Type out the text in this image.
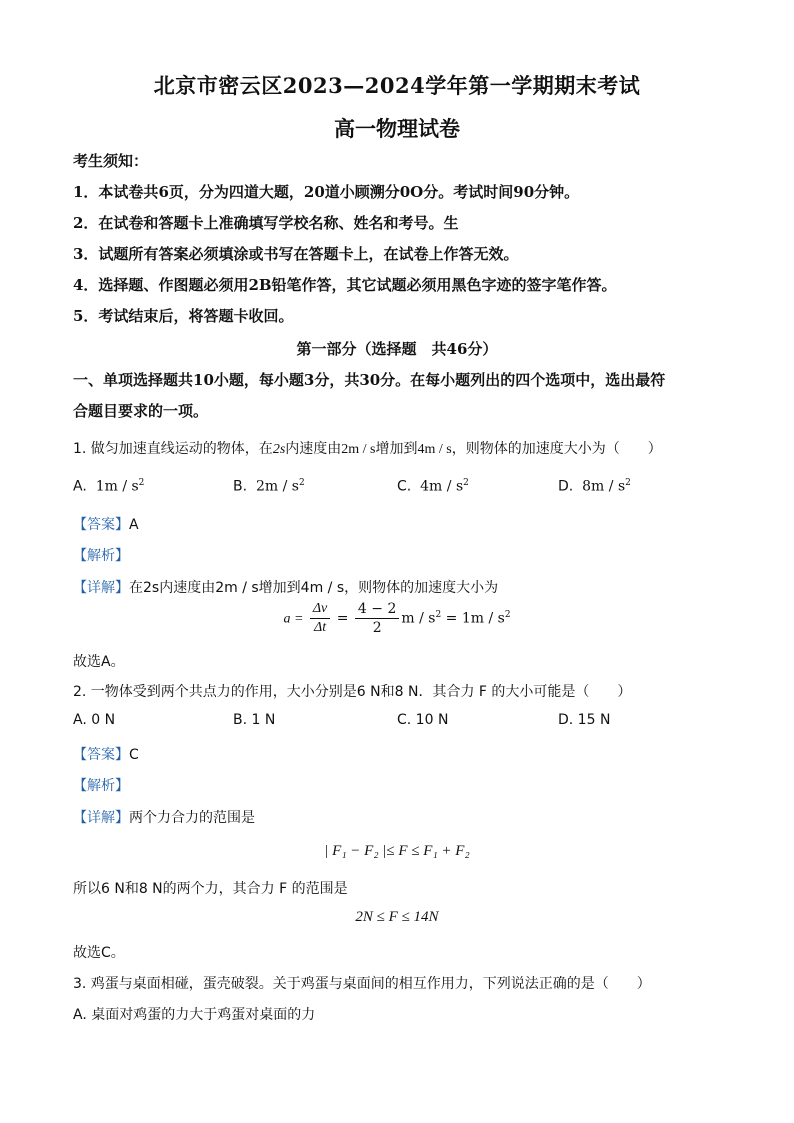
北京市密云区2023—2024学年第一学期期末考试
高一物理试卷
考生须知：
1．本试卷共6页，分为四道大题，20道小顾溯分0O分。考试时间90分钟。
2．在试卷和答题卡上准确填写学校名称、姓名和考号。生
3．试题所有答案必须填涂或书写在答题卡上，在试卷上作答无效。
4．选择题、作图题必须用2B铅笔作答，其它试题必须用黑色字迹的签字笔作答。
5．考试结束后，将答题卡收回。
第一部分（选择题　共46分）
一、单项选择题共10小题，每小题3分，共30分。在每小题列出的四个选项中，选出最符
合题目要求的一项。
1. 做匀加速直线运动的物体，在2s内速度由2m / s增加到4m / s，则物体的加速度大小为（　　）
A. $1m / s^2$	B. $2m / s^2$	C. $4m / s^2$	D. $8m / s^2$
【答案】A
【解析】
【详解】在2s内速度由2m / s增加到4m / s，则物体的加速度大小为
$a = \frac{\Delta v}{\Delta t} = \frac{4 - 2}{2}$ $m / s^2 = 1m / s^2$
故选A。
2. 一物体受到两个共点力的作用，大小分别是6 N和8 N．其合力 F 的大小可能是（　　）
A. 0 N	B. 1 N	C. 10 N	D. 15 N
【答案】C
【解析】
【详解】两个力合力的范围是
| F₁ − F₂ |≤ F ≤ F₁ + F₂
所以6 N和8 N的两个力，其合力 F 的范围是
2N ≤ F ≤ 14N
故选C。
3. 鸡蛋与桌面相碰，蛋壳破裂。关于鸡蛋与桌面间的相互作用力，下列说法正确的是（　　）
A. 桌面对鸡蛋的力大于鸡蛋对桌面的力
